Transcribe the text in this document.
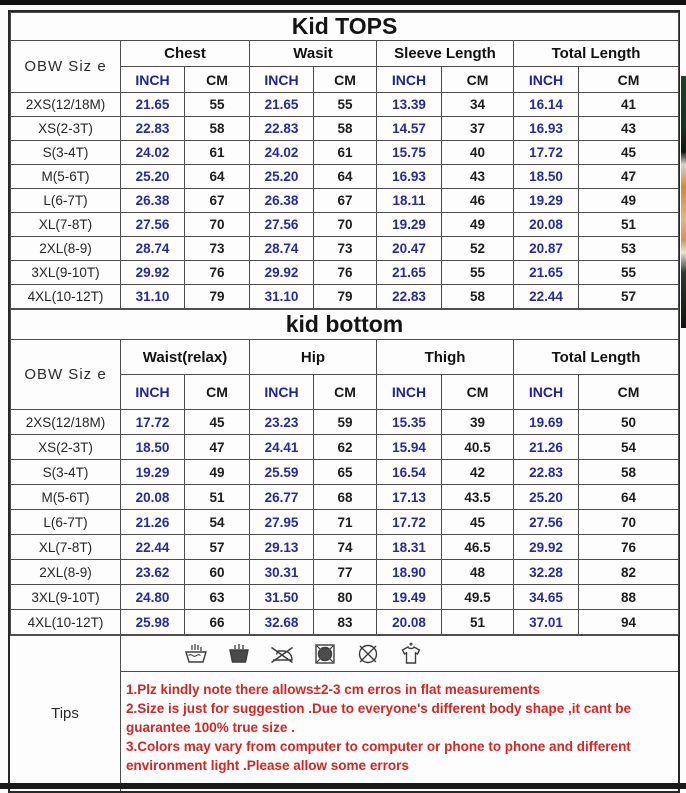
Kid TOPS								
OBW Siz e	Chest		Wasit		Sleeve Length		Total Length	
	INCH	CM	INCH	CM	INCH	CM	INCH	CM
2XS(12/18M)	21.65	55	21.65	55	13.39	34	16.14	41
XS(2-3T)	22.83	58	22.83	58	14.57	37	16.93	43
S(3-4T)	24.02	61	24.02	61	15.75	40	17.72	45
M(5-6T)	25.20	64	25.20	64	16.93	43	18.50	47
L(6-7T)	26.38	67	26.38	67	18.11	46	19.29	49
XL(7-8T)	27.56	70	27.56	70	19.29	49	20.08	51
2XL(8-9)	28.74	73	28.74	73	20.47	52	20.87	53
3XL(9-10T)	29.92	76	29.92	76	21.65	55	21.65	55
4XL(10-12T)	31.10	79	31.10	79	22.83	58	22.44	57
kid bottom								
OBW Siz e	Waist(relax)		Hip		Thigh		Total Length	
	INCH	CM	INCH	CM	INCH	CM	INCH	CM
2XS(12/18M)	17.72	45	23.23	59	15.35	39	19.69	50
XS(2-3T)	18.50	47	24.41	62	15.94	40.5	21.26	54
S(3-4T)	19.29	49	25.59	65	16.54	42	22.83	58
M(5-6T)	20.08	51	26.77	68	17.13	43.5	25.20	64
L(6-7T)	21.26	54	27.95	71	17.72	45	27.56	70
XL(7-8T)	22.44	57	29.13	74	18.31	46.5	29.92	76
2XL(8-9)	23.62	60	30.31	77	18.90	48	32.28	82
3XL(9-10T)	24.80	63	31.50	80	19.49	49.5	34.65	88
4XL(10-12T)	25.98	66	32.68	83	20.08	51	37.01	94
Tips
1.Plz kindly note there allows±2-3 cm erros in flat measurements
2.Size is just for suggestion .Due to everyone's different body shape ,it cant be guarantee 100% true size .
3.Colors may vary from computer to computer or phone to phone and different environment light .Please allow some errors
